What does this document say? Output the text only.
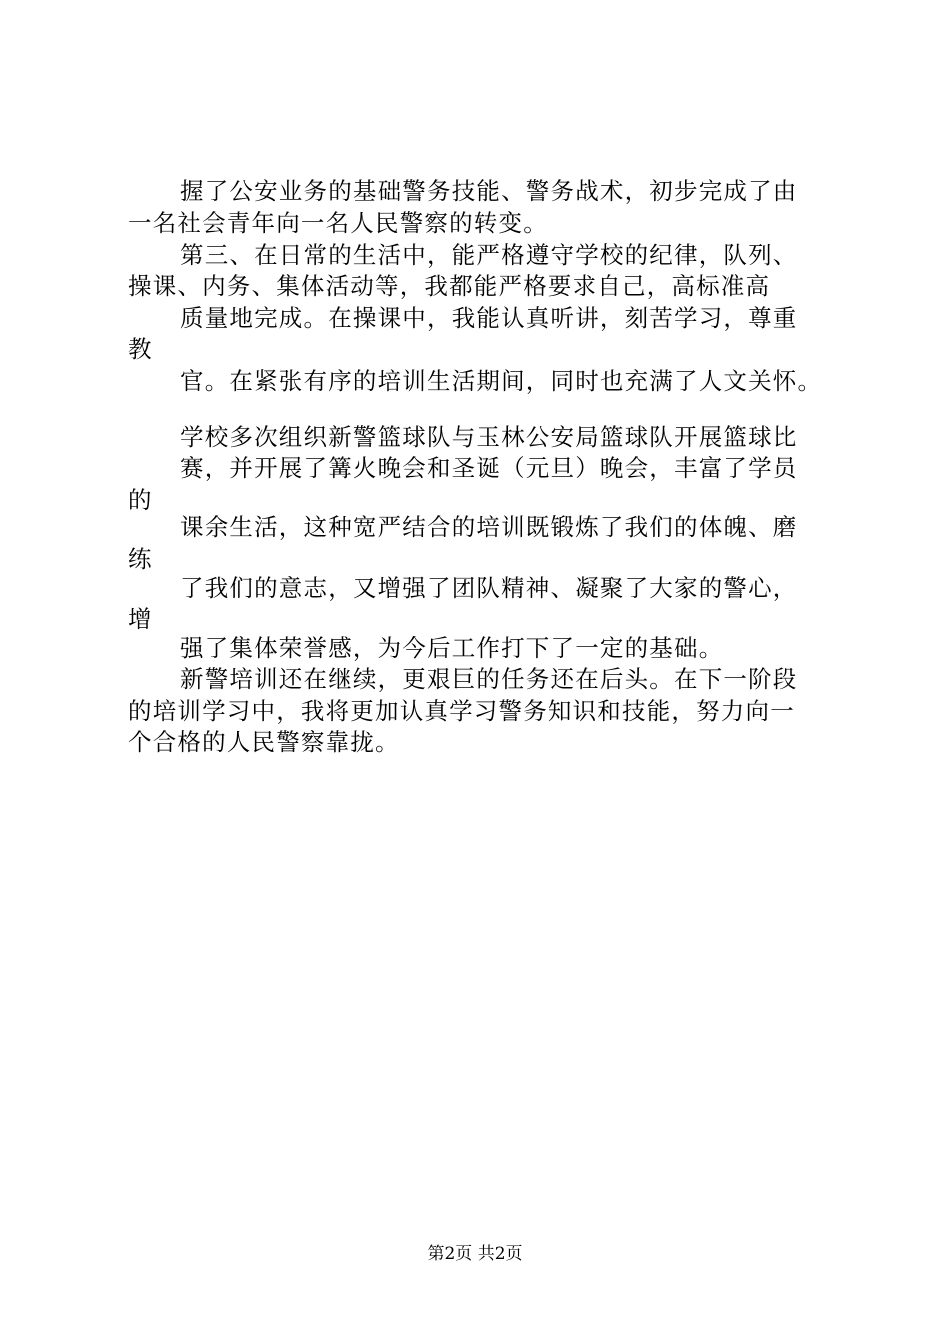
握了公安业务的基础警务技能、警务战术，初步完成了由
一名社会青年向一名人民警察的转变。
第三、在日常的生活中，能严格遵守学校的纪律，队列、
操课、内务、集体活动等，我都能严格要求自己，高标准高
质量地完成。在操课中，我能认真听讲，刻苦学习，尊重
教
官。在紧张有序的培训生活期间，同时也充满了人文关怀。
学校多次组织新警篮球队与玉林公安局篮球队开展篮球比
赛，并开展了篝火晚会和圣诞（元旦）晚会，丰富了学员
的
课余生活，这种宽严结合的培训既锻炼了我们的体魄、磨
练
了我们的意志，又增强了团队精神、凝聚了大家的警心，
增
强了集体荣誉感，为今后工作打下了一定的基础。
新警培训还在继续，更艰巨的任务还在后头。在下一阶段
的培训学习中，我将更加认真学习警务知识和技能，努力向一
个合格的人民警察靠拢。
第2页 共2页
